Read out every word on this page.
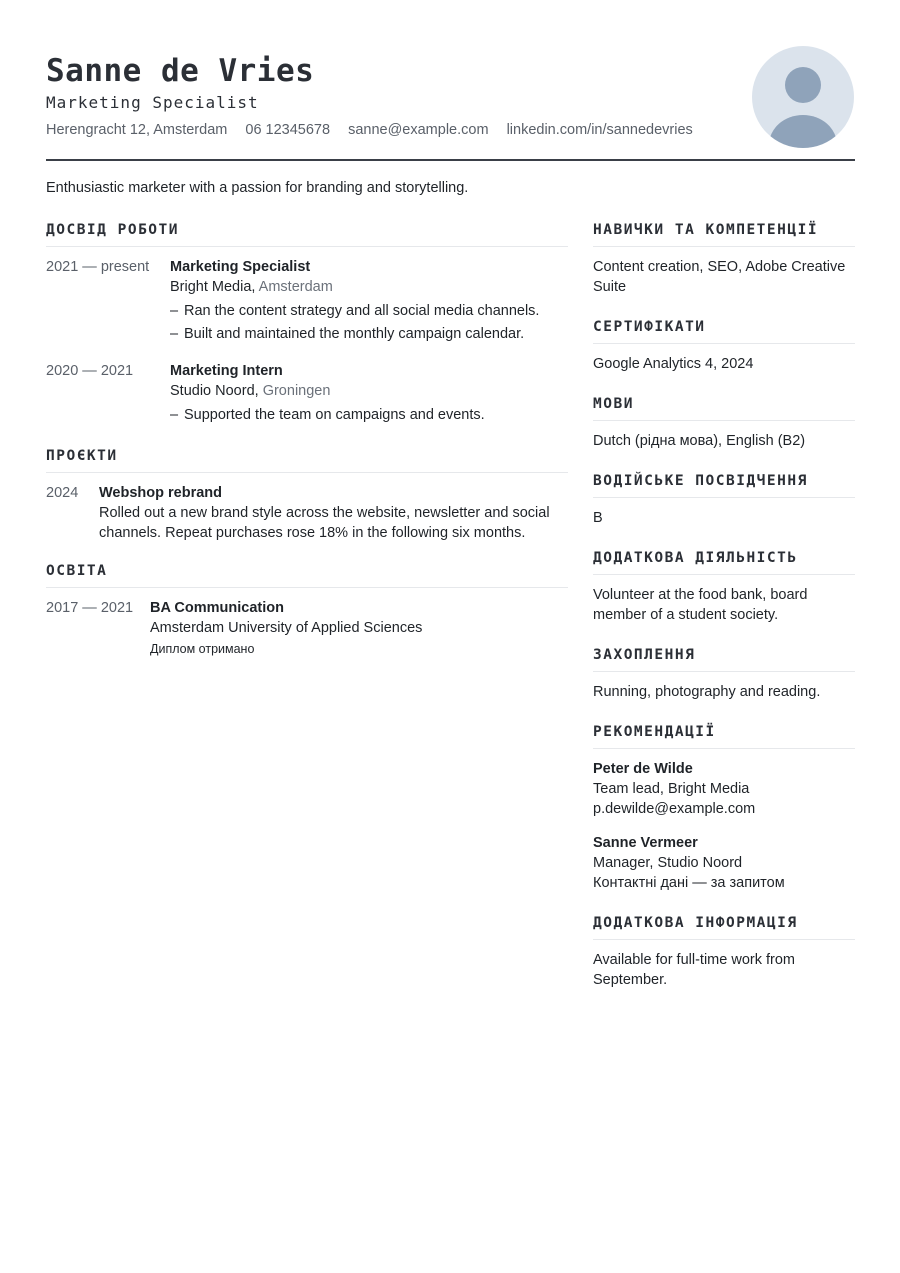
Sanne de Vries
Marketing Specialist
Herengracht 12, Amsterdam 06 12345678 sanne@example.com linkedin.com/in/sannedevries
Enthusiastic marketer with a passion for branding and storytelling.
ДОСВІД РОБОТИ
2021 — present	Marketing Specialist
Bright Media, Amsterdam
– Ran the content strategy and all social media channels.
– Built and maintained the monthly campaign calendar.
2020 — 2021	Marketing Intern
Studio Noord, Groningen
– Supported the team on campaigns and events.
ПРОЄКТИ
2024	Webshop rebrand
Rolled out a new brand style across the website, newsletter and social channels. Repeat purchases rose 18% in the following six months.
ОСВІТА
2017 — 2021	BA Communication
Amsterdam University of Applied Sciences
Диплом отримано
НАВИЧКИ ТА КОМПЕТЕНЦІЇ
Content creation, SEO, Adobe Creative Suite
СЕРТИФІКАТИ
Google Analytics 4, 2024
МОВИ
Dutch (рідна мова), English (B2)
ВОДІЙСЬКЕ ПОСВІДЧЕННЯ
B
ДОДАТКОВА ДІЯЛЬНІСТЬ
Volunteer at the food bank, board member of a student society.
ЗАХОПЛЕННЯ
Running, photography and reading.
РЕКОМЕНДАЦІЇ
Peter de Wilde
Team lead, Bright Media
p.dewilde@example.com
Sanne Vermeer
Manager, Studio Noord
Контактні дані — за запитом
ДОДАТКОВА ІНФОРМАЦІЯ
Available for full-time work from September.
